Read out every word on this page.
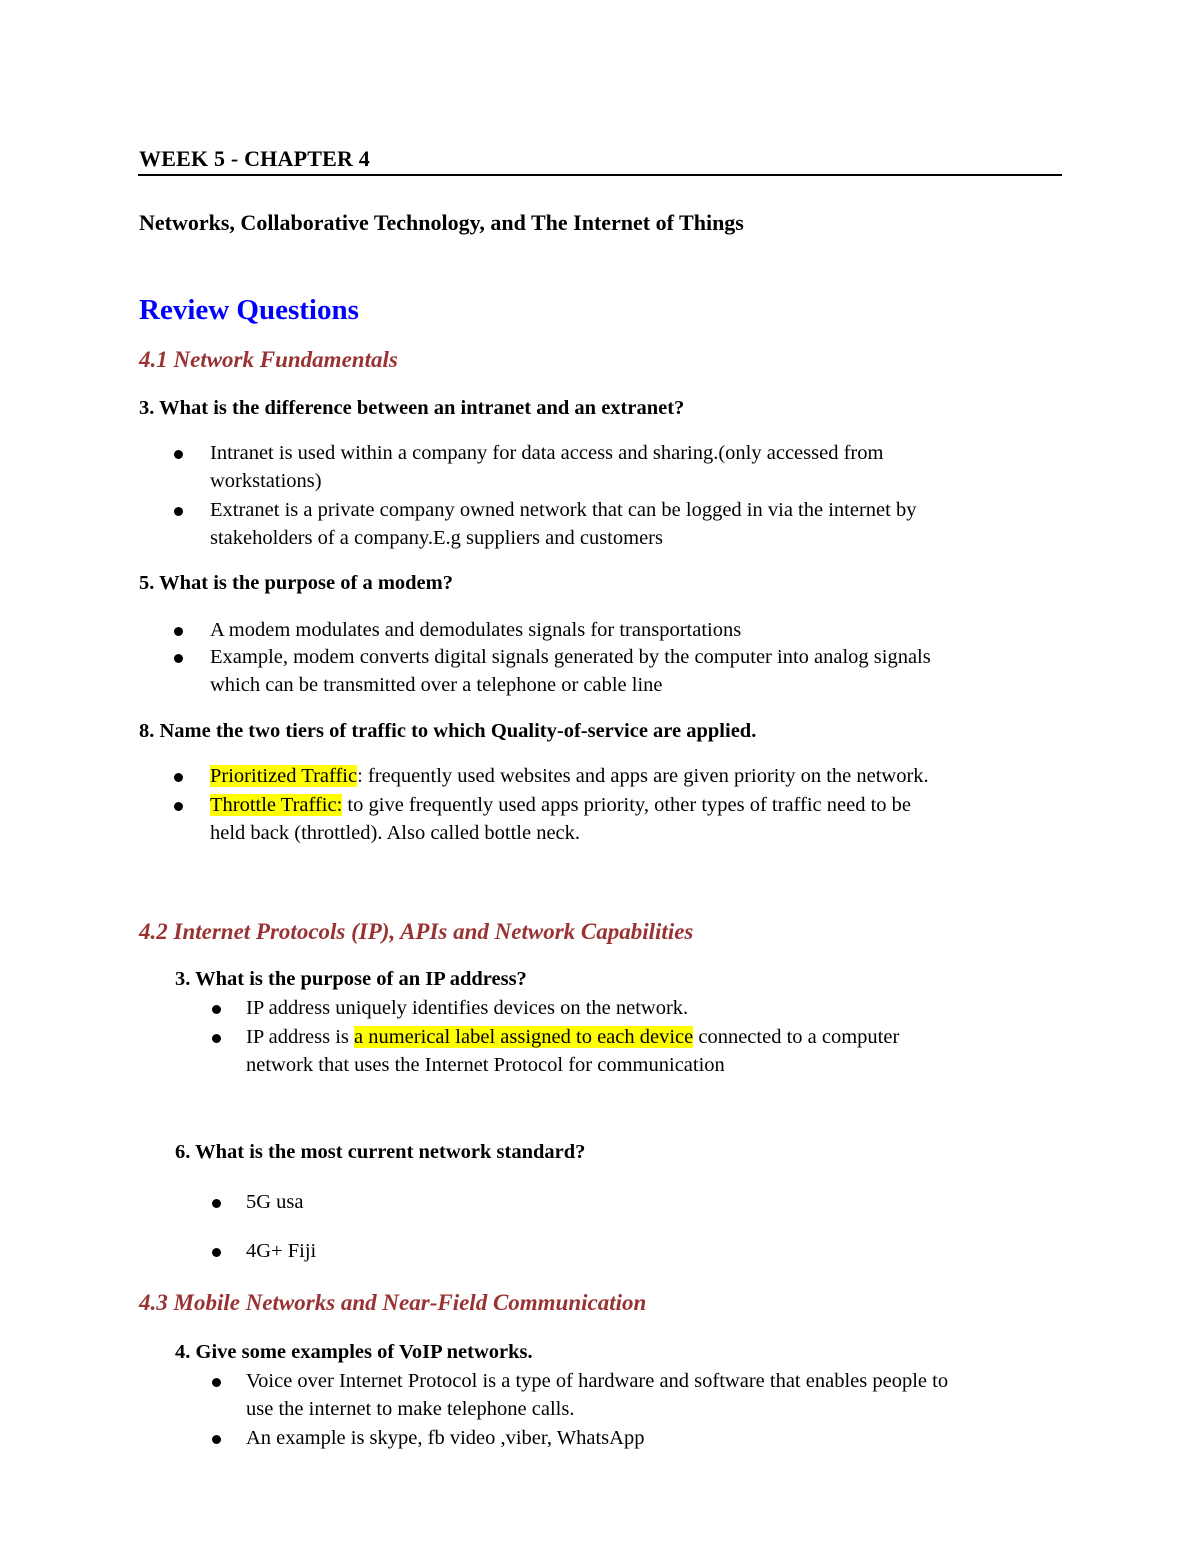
WEEK 5 - CHAPTER 4
Networks, Collaborative Technology, and The Internet of Things
Review Questions
4.1 Network Fundamentals
3. What is the difference between an intranet and an extranet?
Intranet is used within a company for data access and sharing.(only accessed from
workstations)
Extranet is a private company owned network that can be logged in via the internet by
stakeholders of a company.E.g suppliers and customers
5. What is the purpose of a modem?
A modem modulates and demodulates signals for transportations
Example, modem converts digital signals generated by the computer into analog signals
which can be transmitted over a telephone or cable line
8. Name the two tiers of traffic to which Quality-of-service are applied.
Prioritized Traffic: frequently used websites and apps are given priority on the network.
Throttle Traffic: to give frequently used apps priority, other types of traffic need to be
held back (throttled). Also called bottle neck.
4.2 Internet Protocols (IP), APIs and Network Capabilities
3. What is the purpose of an IP address?
IP address uniquely identifies devices on the network.
IP address is a numerical label assigned to each device connected to a computer
network that uses the Internet Protocol for communication
6. What is the most current network standard?
5G usa
4G+ Fiji
4.3 Mobile Networks and Near-Field Communication
4. Give some examples of VoIP networks.
Voice over Internet Protocol is a type of hardware and software that enables people to
use the internet to make telephone calls.
An example is skype, fb video ,viber, WhatsApp
